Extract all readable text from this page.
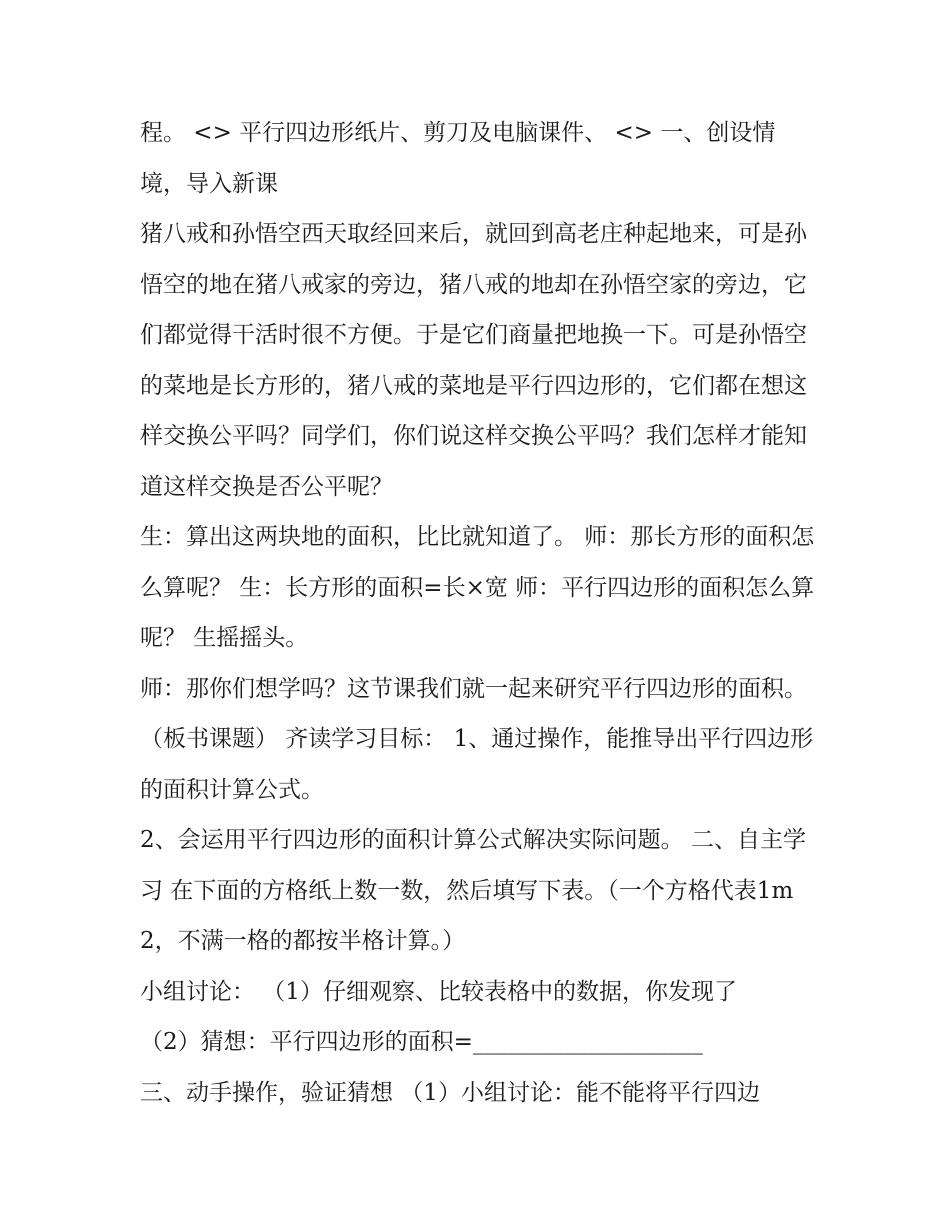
程。 <> 平行四边形纸片、剪刀及电脑课件、 <> 一、创设情境，导入新课

猪八戒和孙悟空西天取经回来后，就回到高老庄种起地来，可是孙悟空的地在猪八戒家的旁边，猪八戒的地却在孙悟空家的旁边，它们都觉得干活时很不方便。于是它们商量把地换一下。可是孙悟空的菜地是长方形的，猪八戒的菜地是平行四边形的，它们都在想这样交换公平吗？同学们，你们说这样交换公平吗？我们怎样才能知道这样交换是否公平呢？

生：算出这两块地的面积，比比就知道了。 师：那长方形的面积怎么算呢？ 生：长方形的面积=长×宽 师：平行四边形的面积怎么算呢？ 生摇摇头。

师：那你们想学吗？这节课我们就一起来研究平行四边形的面积。（板书课题） 齐读学习目标： 1、通过操作，能推导出平行四边形的面积计算公式。

2、会运用平行四边形的面积计算公式解决实际问题。 二、自主学习 在下面的方格纸上数一数，然后填写下表。（一个方格代表1m2，不满一格的都按半格计算。）

小组讨论： （1）仔细观察、比较表格中的数据，你发现了

（2）猜想：平行四边形的面积=____________________

三、动手操作，验证猜想 （1）小组讨论：能不能将平行四边
